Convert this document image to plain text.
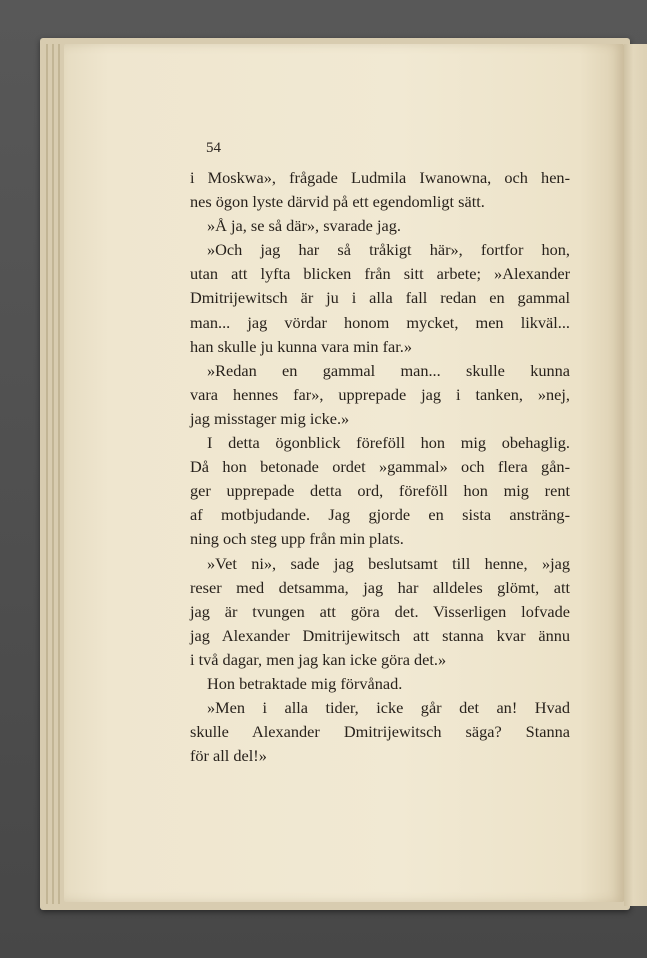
54
i Moskwa», frågade Ludmila Iwanowna, och hen-
nes ögon lyste därvid på ett egendomligt sätt.
»Å ja, se så där», svarade jag.
»Och jag har så tråkigt här», fortfor hon,
utan att lyfta blicken från sitt arbete; »Alexander
Dmitrijewitsch är ju i alla fall redan en gammal
man... jag vördar honom mycket, men likväl...
han skulle ju kunna vara min far.»
»Redan en gammal man... skulle kunna
vara hennes far», upprepade jag i tanken, »nej,
jag misstager mig icke.»
I detta ögonblick föreföll hon mig obehaglig.
Då hon betonade ordet »gammal» och flera gån-
ger upprepade detta ord, föreföll hon mig rent
af motbjudande. Jag gjorde en sista ansträng-
ning och steg upp från min plats.
»Vet ni», sade jag beslutsamt till henne, »jag
reser med detsamma, jag har alldeles glömt, att
jag är tvungen att göra det. Visserligen lofvade
jag Alexander Dmitrijewitsch att stanna kvar ännu
i två dagar, men jag kan icke göra det.»
Hon betraktade mig förvånad.
»Men i alla tider, icke går det an! Hvad
skulle Alexander Dmitrijewitsch säga? Stanna
för all del!»
